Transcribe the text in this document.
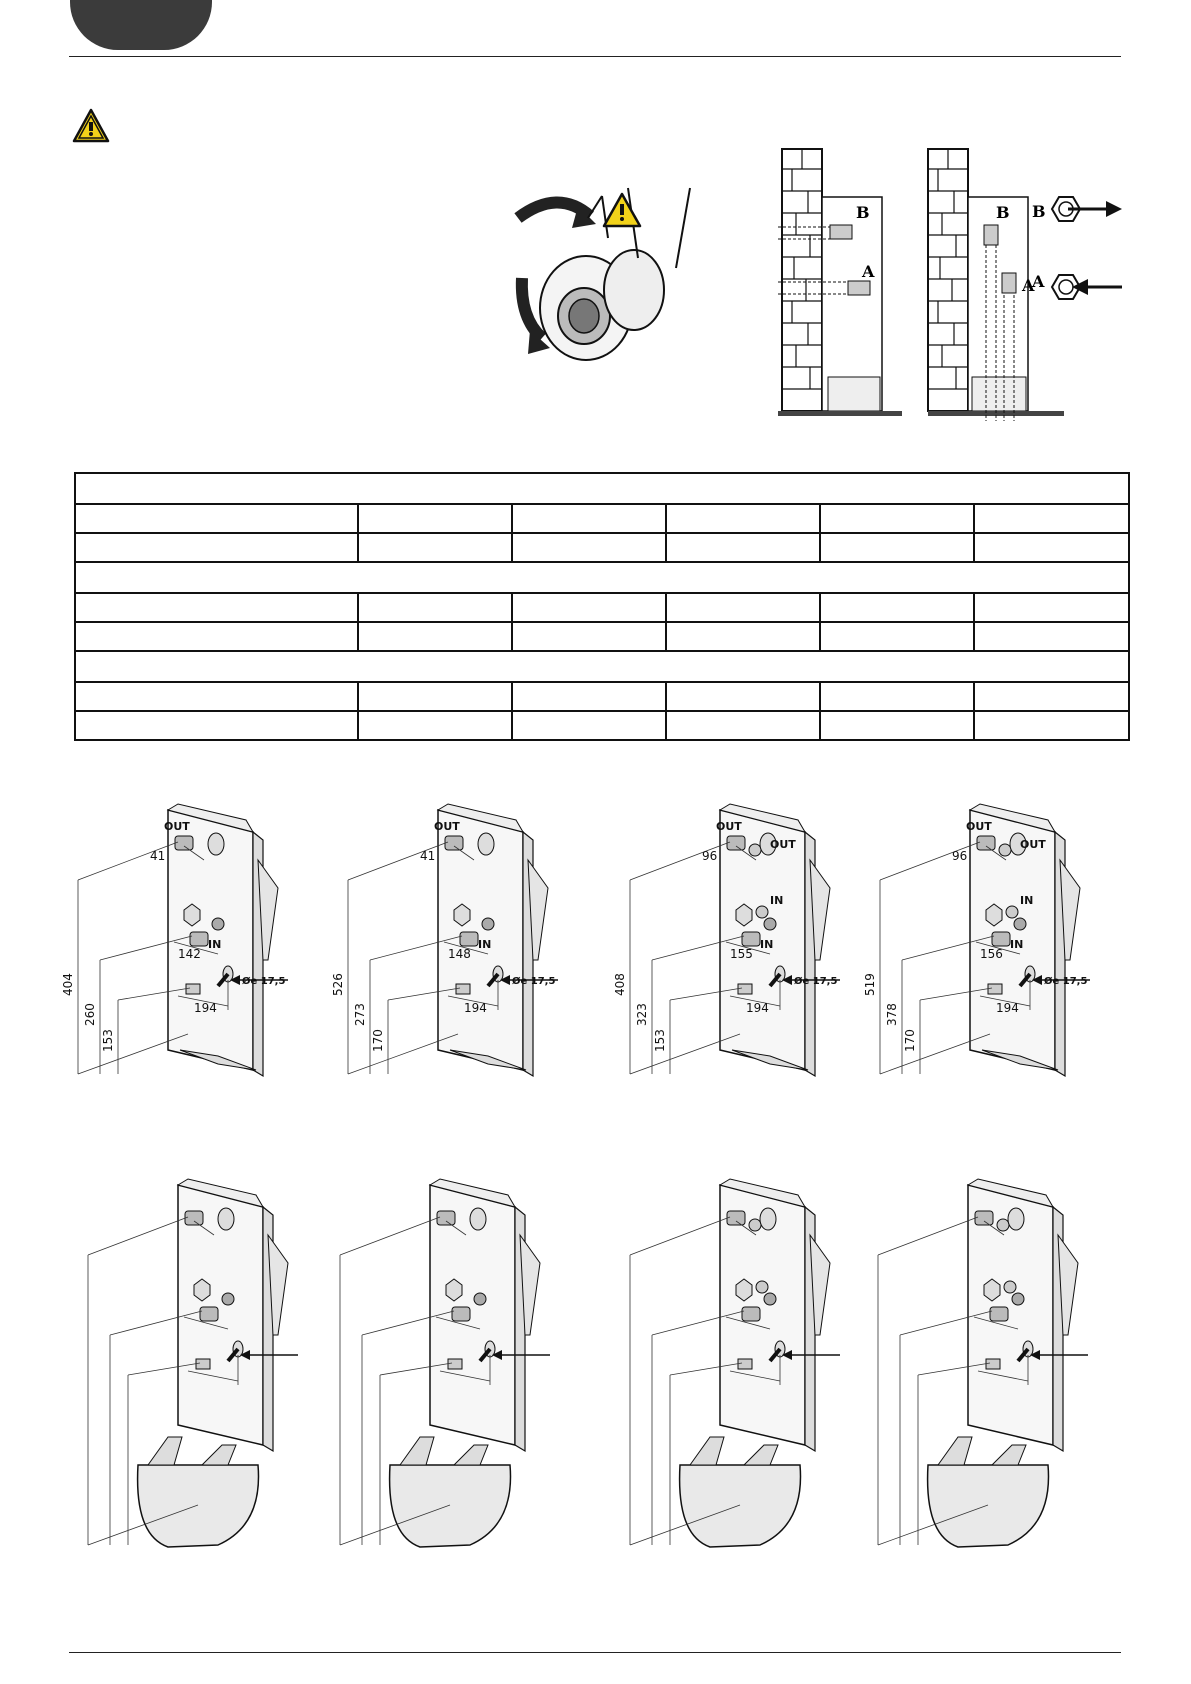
B
A
B
A
B
A

OUT
IN
41
142
194
Øe 17,5
404
260
153
OUT
IN
41
148
194
Øe 17,5
526
273
170
OUT
OUT
IN
IN
96
155
194
Øe 17,5
408
323
153
OUT
OUT
IN
IN
96
156
194
Øe 17,5
519
378
170
